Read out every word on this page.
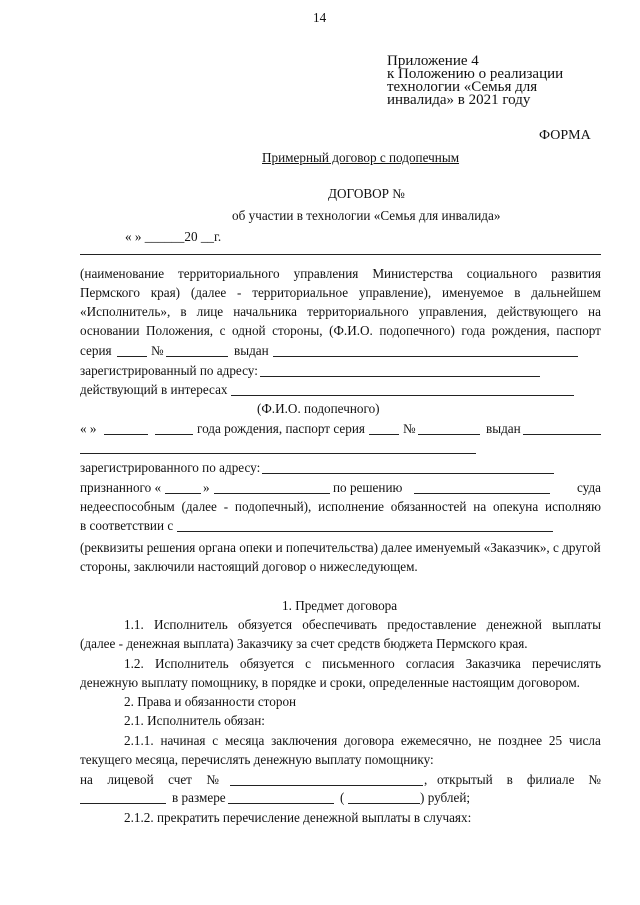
14
Приложение 4
к Положению о реализации
технологии «Семья для
инвалида» в 2021 году
ФОРМА
Примерный договор с подопечным
ДОГОВОР №
об участии в технологии «Семья для инвалида»
« » ______20 __г.
(наименование территориального управления Министерства социального развития
Пермского края) (далее - территориальное управление), именуемое в дальнейшем
«Исполнитель», в лице начальника территориального управления, действующего на
основании Положения, с одной стороны, (Ф.И.О. подопечного) года рождения, паспорт
серия	№	выдан
зарегистрированный по адресу:
действующий в интересах
(Ф.И.О. подопечного)
« »	года рождения, паспорт серия	№	выдан
зарегистрированного по адресу:
признанного «	»	по решению	суда
недееспособным (далее - подопечный), исполнение обязанностей на опекуна исполняю
в соответствии с
(реквизиты решения органа опеки и попечительства) далее именуемый «Заказчик», с другой
стороны, заключили настоящий договор о нижеследующем.
1. Предмет договора
1.1. Исполнитель обязуется обеспечивать предоставление денежной выплаты
(далее - денежная выплата) Заказчику за счет средств бюджета Пермского края.
1.2. Исполнитель обязуется с письменного согласия Заказчика перечислять
денежную выплату помощнику, в порядке и сроки, определенные настоящим договором.
2. Права и обязанности сторон
2.1. Исполнитель обязан:
2.1.1. начиная с месяца заключения договора ежемесячно, не позднее 25 числа
текущего месяца, перечислять денежную выплату помощнику:
на лицевой счет №	, открытый в филиале №
в размере	(	) рублей;
2.1.2. прекратить перечисление денежной выплаты в случаях:
